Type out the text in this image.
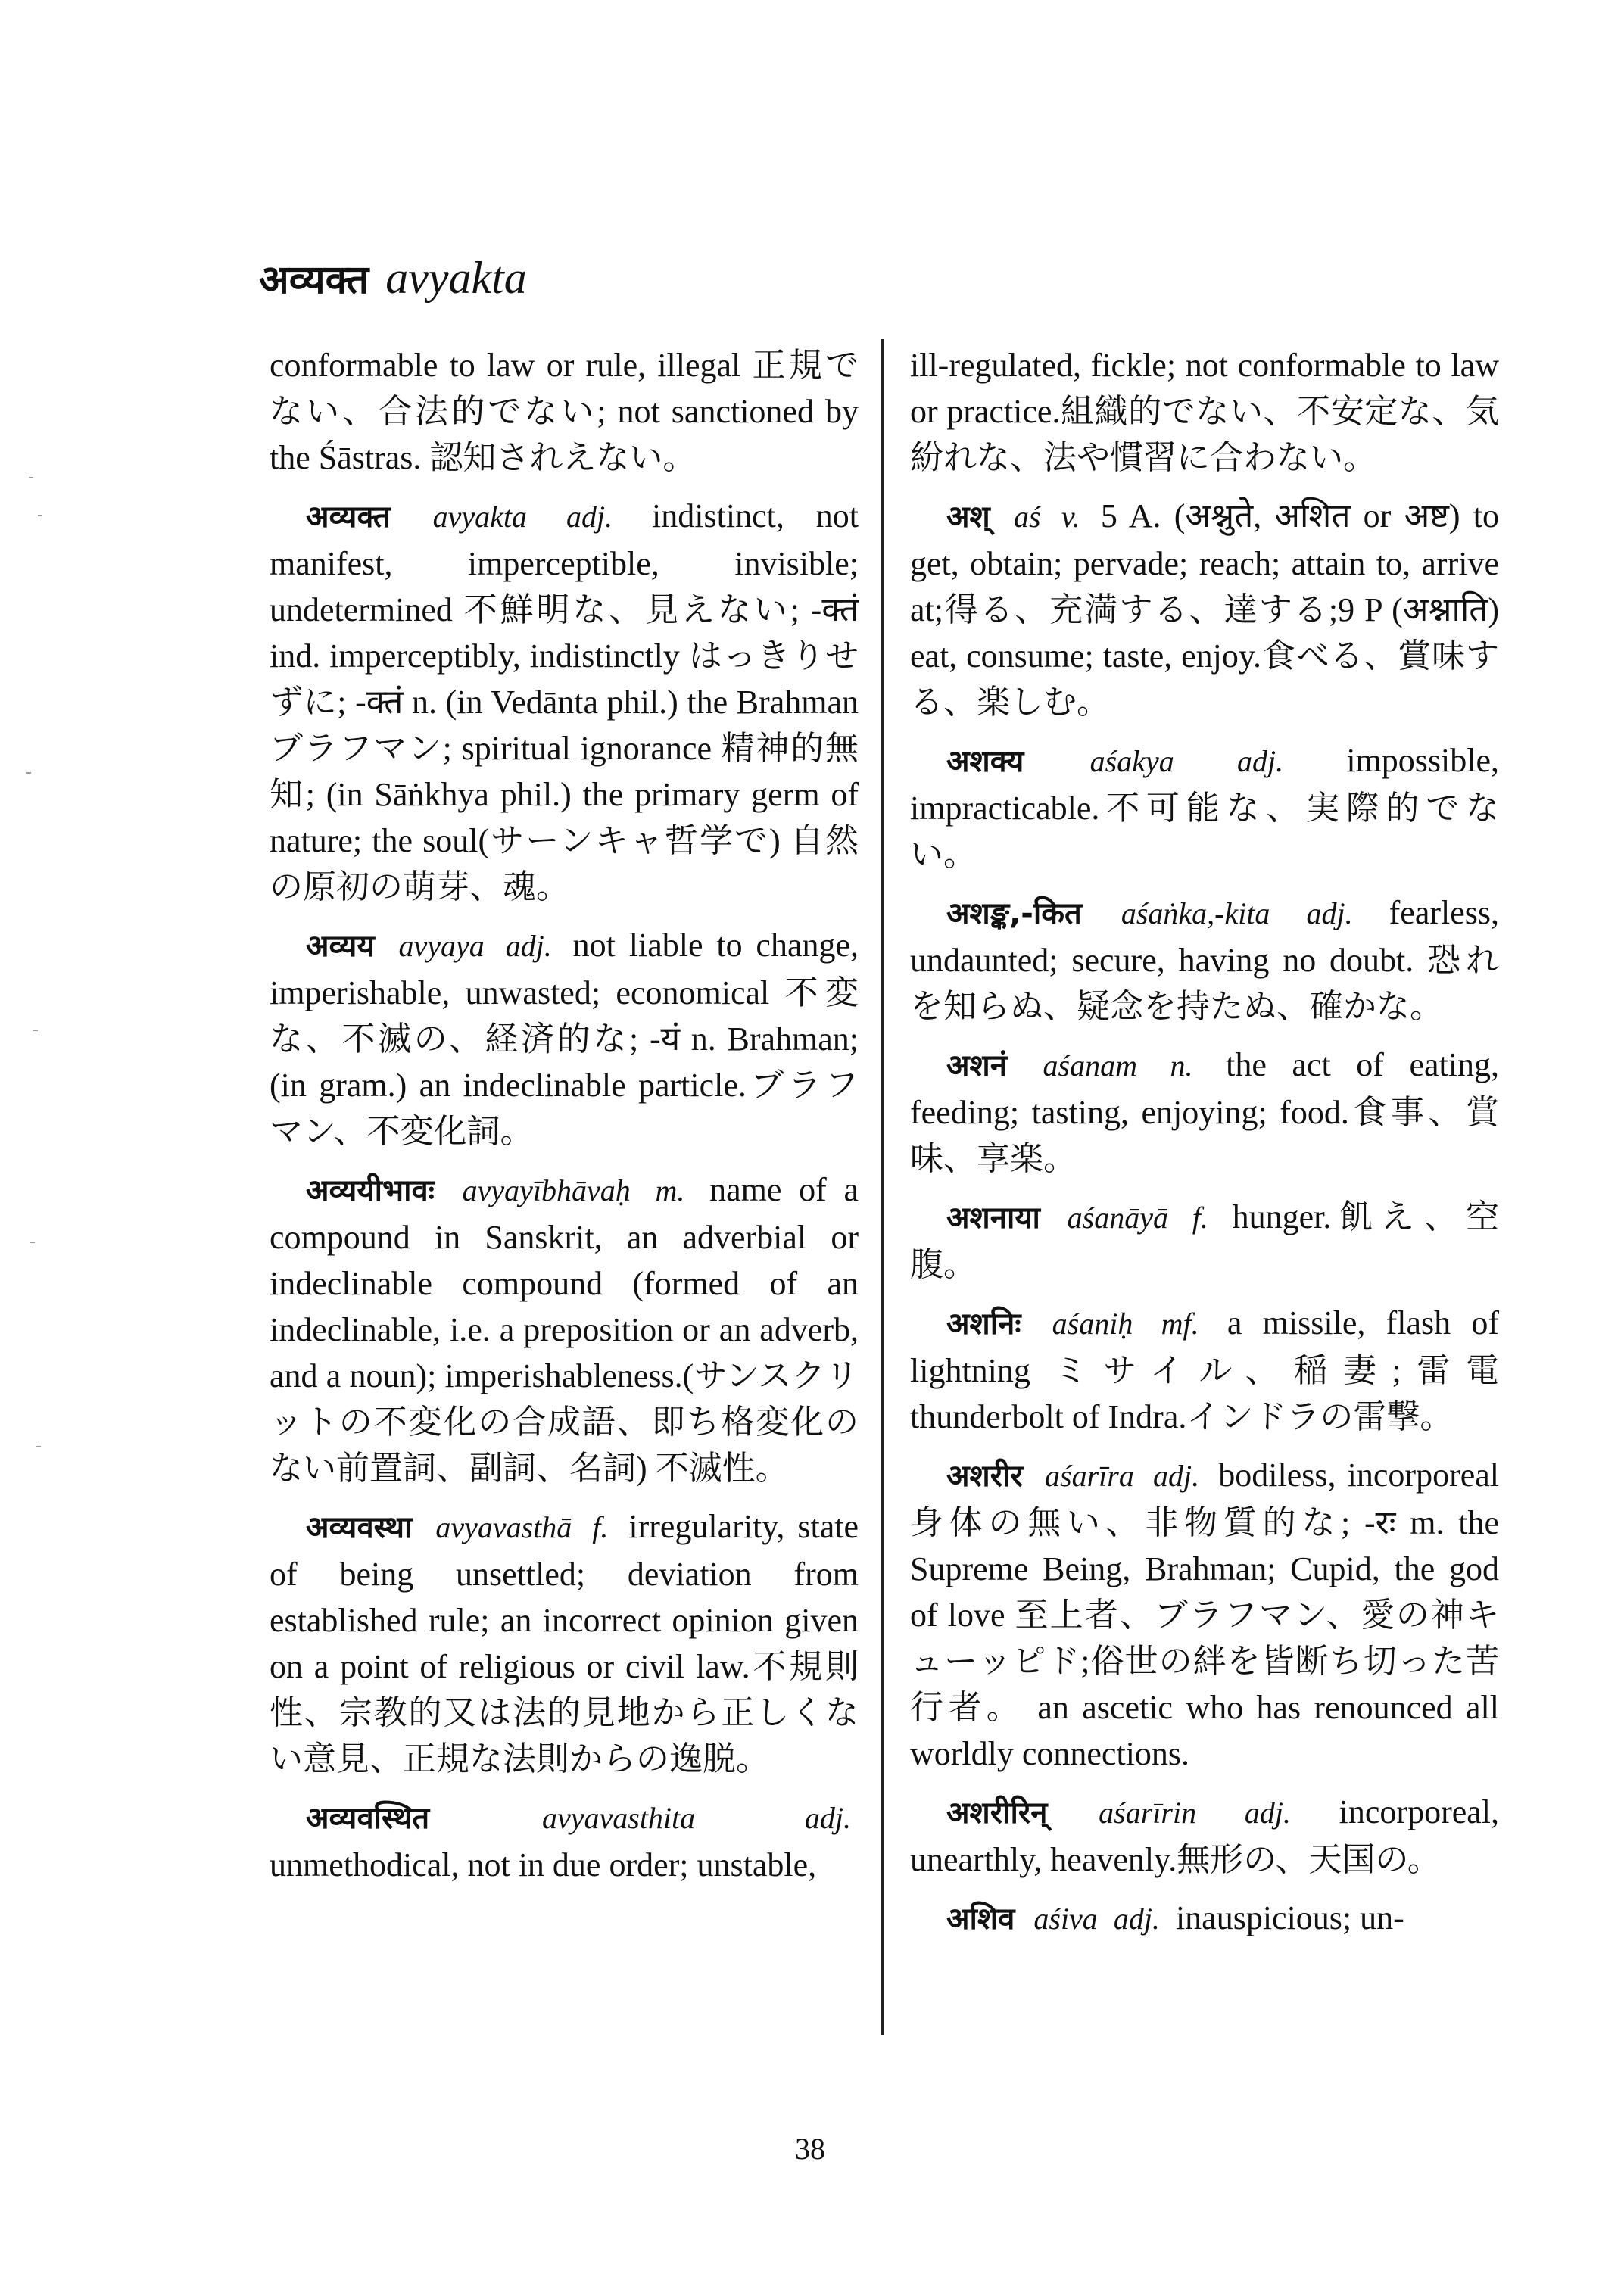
अव्यक्त avyakta

conformable to law or rule, illegal 正規でない、合法的でない; not sanctioned by the Śāstras. 認知されえない。

अव्यक्त avyakta adj. indistinct, not manifest, imperceptible, invisible; undetermined 不鮮明な、見えない; -क्तं ind. imperceptibly, indistinctly はっきりせずに; -क्तं n. (in Vedānta phil.) the Brahman ブラフマン; spiritual ignorance 精神的無知; (in Sāṅkhya phil.) the primary germ of nature; the soul(サーンキャ哲学で) 自然の原初の萌芽、魂。

अव्यय avyaya adj. not liable to change, imperishable, unwasted; economical 不変な、不滅の、経済的な; -यं n. Brahman; (in gram.) an indeclinable particle.ブラフマン、不変化詞。

अव्ययीभावः avyayībhāvaḥ m. name of a compound in Sanskrit, an adverbial or indeclinable compound (formed of an indeclinable, i.e. a preposition or an adverb, and a noun); imperishableness.(サンスクリットの不変化の合成語、即ち格変化のない前置詞、副詞、名詞) 不滅性。

अव्यवस्था avyavasthā f. irregularity, state of being unsettled; deviation from established rule; an incorrect opinion given on a point of religious or civil law.不規則性、宗教的又は法的見地から正しくない意見、正規な法則からの逸脱。

अव्यवस्थित	avyavasthita	adj. unmethodical, not in due order; unstable,

ill-regulated, fickle; not conformable to law or practice.組織的でない、不安定な、気紛れな、法や慣習に合わない。

अश् aś v. 5 A. (अश्नुते, अशित or अष्ट) to get, obtain; pervade; reach; attain to, arrive at;得る、充満する、達する;9 P (अश्नाति) eat, consume; taste, enjoy.食べる、賞味する、楽しむ。

अशक्य aśakya adj. impossible, impracticable.不可能な、実際的でない。

अशङ्क,-कित aśaṅka,-kita adj. fearless, undaunted; secure, having no doubt. 恐れを知らぬ、疑念を持たぬ、確かな。

अशनं aśanam n. the act of eating, feeding; tasting, enjoying; food.食事、賞味、享楽。

अशनाया aśanāyā f. hunger.飢え、空腹。

अशनिः aśaniḥ mf. a missile, flash of lightning ミサイル、稲妻;雷電 thunderbolt of Indra.インドラの雷撃。

अशरीर aśarīra adj. bodiless, incorporeal 身体の無い、非物質的な; -रः m. the Supreme Being, Brahman; Cupid, the god of love 至上者、ブラフマン、愛の神キューッピド;俗世の絆を皆断ち切った苦行者。 an ascetic who has renounced all worldly connections.

अशरीरिन् aśarīrin adj. incorporeal, unearthly, heavenly.無形の、天国の。

अशिव aśiva adj. inauspicious; un-

38
